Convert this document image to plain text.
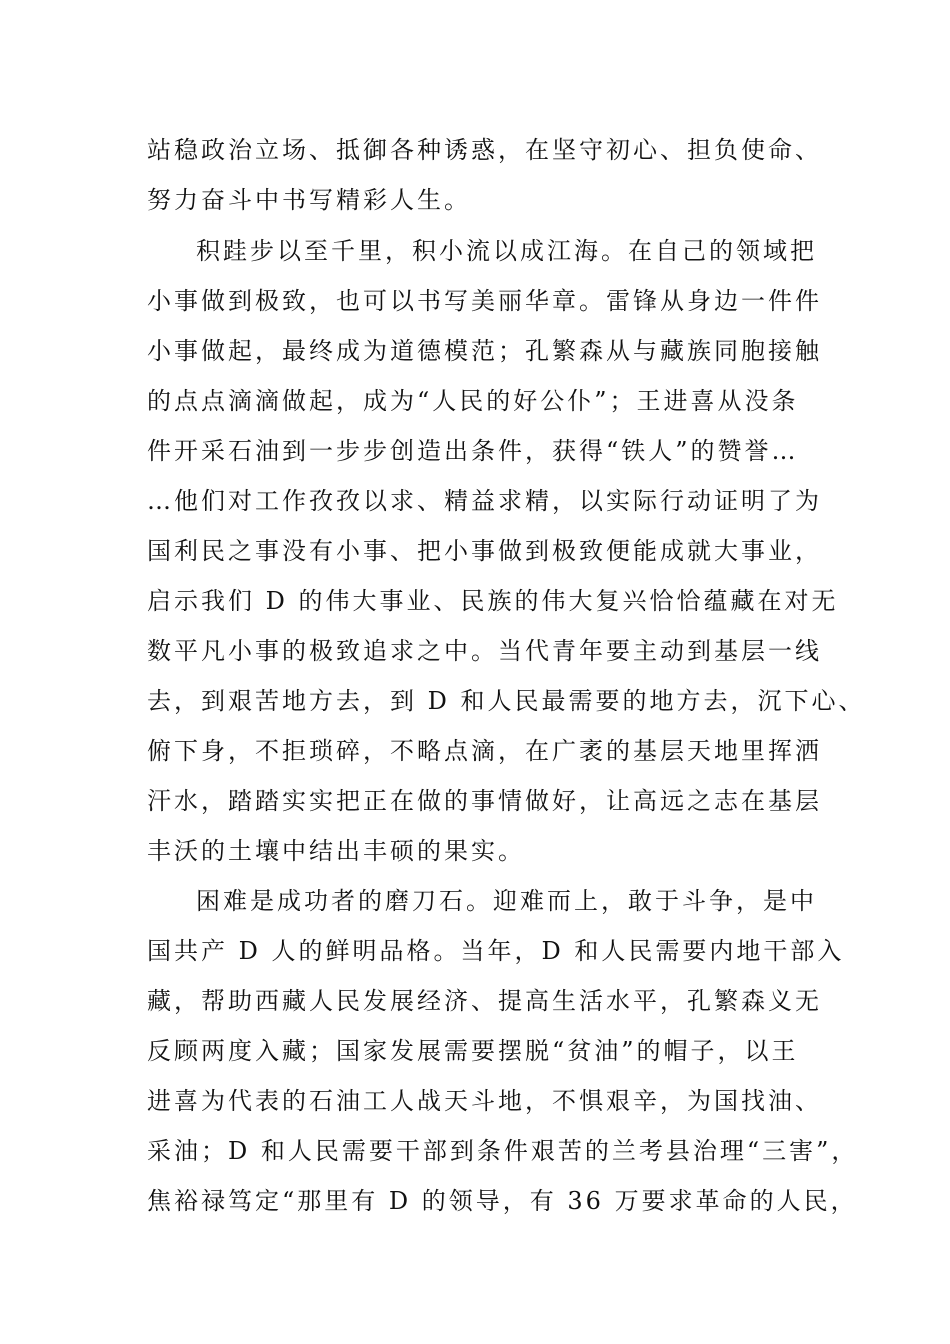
站稳政治立场、抵御各种诱惑，在坚守初心、担负使命、
努力奋斗中书写精彩人生。
积跬步以至千里，积小流以成江海。在自己的领域把
小事做到极致，也可以书写美丽华章。雷锋从身边一件件
小事做起，最终成为道德模范；孔繁森从与藏族同胞接触
的点点滴滴做起，成为“人民的好公仆”；王进喜从没条
件开采石油到一步步创造出条件，获得“铁人”的赞誉…
…他们对工作孜孜以求、精益求精，以实际行动证明了为
国利民之事没有小事、把小事做到极致便能成就大事业，
启示我们 D 的伟大事业、民族的伟大复兴恰恰蕴藏在对无
数平凡小事的极致追求之中。当代青年要主动到基层一线
去，到艰苦地方去，到 D 和人民最需要的地方去，沉下心、
俯下身，不拒琐碎，不略点滴，在广袤的基层天地里挥洒
汗水，踏踏实实把正在做的事情做好，让高远之志在基层
丰沃的土壤中结出丰硕的果实。
困难是成功者的磨刀石。迎难而上，敢于斗争，是中
国共产 D 人的鲜明品格。当年，D 和人民需要内地干部入
藏，帮助西藏人民发展经济、提高生活水平，孔繁森义无
反顾两度入藏；国家发展需要摆脱“贫油”的帽子，以王
进喜为代表的石油工人战天斗地，不惧艰辛，为国找油、
采油；D 和人民需要干部到条件艰苦的兰考县治理“三害”，
焦裕禄笃定“那里有 D 的领导，有 36 万要求革命的人民，
